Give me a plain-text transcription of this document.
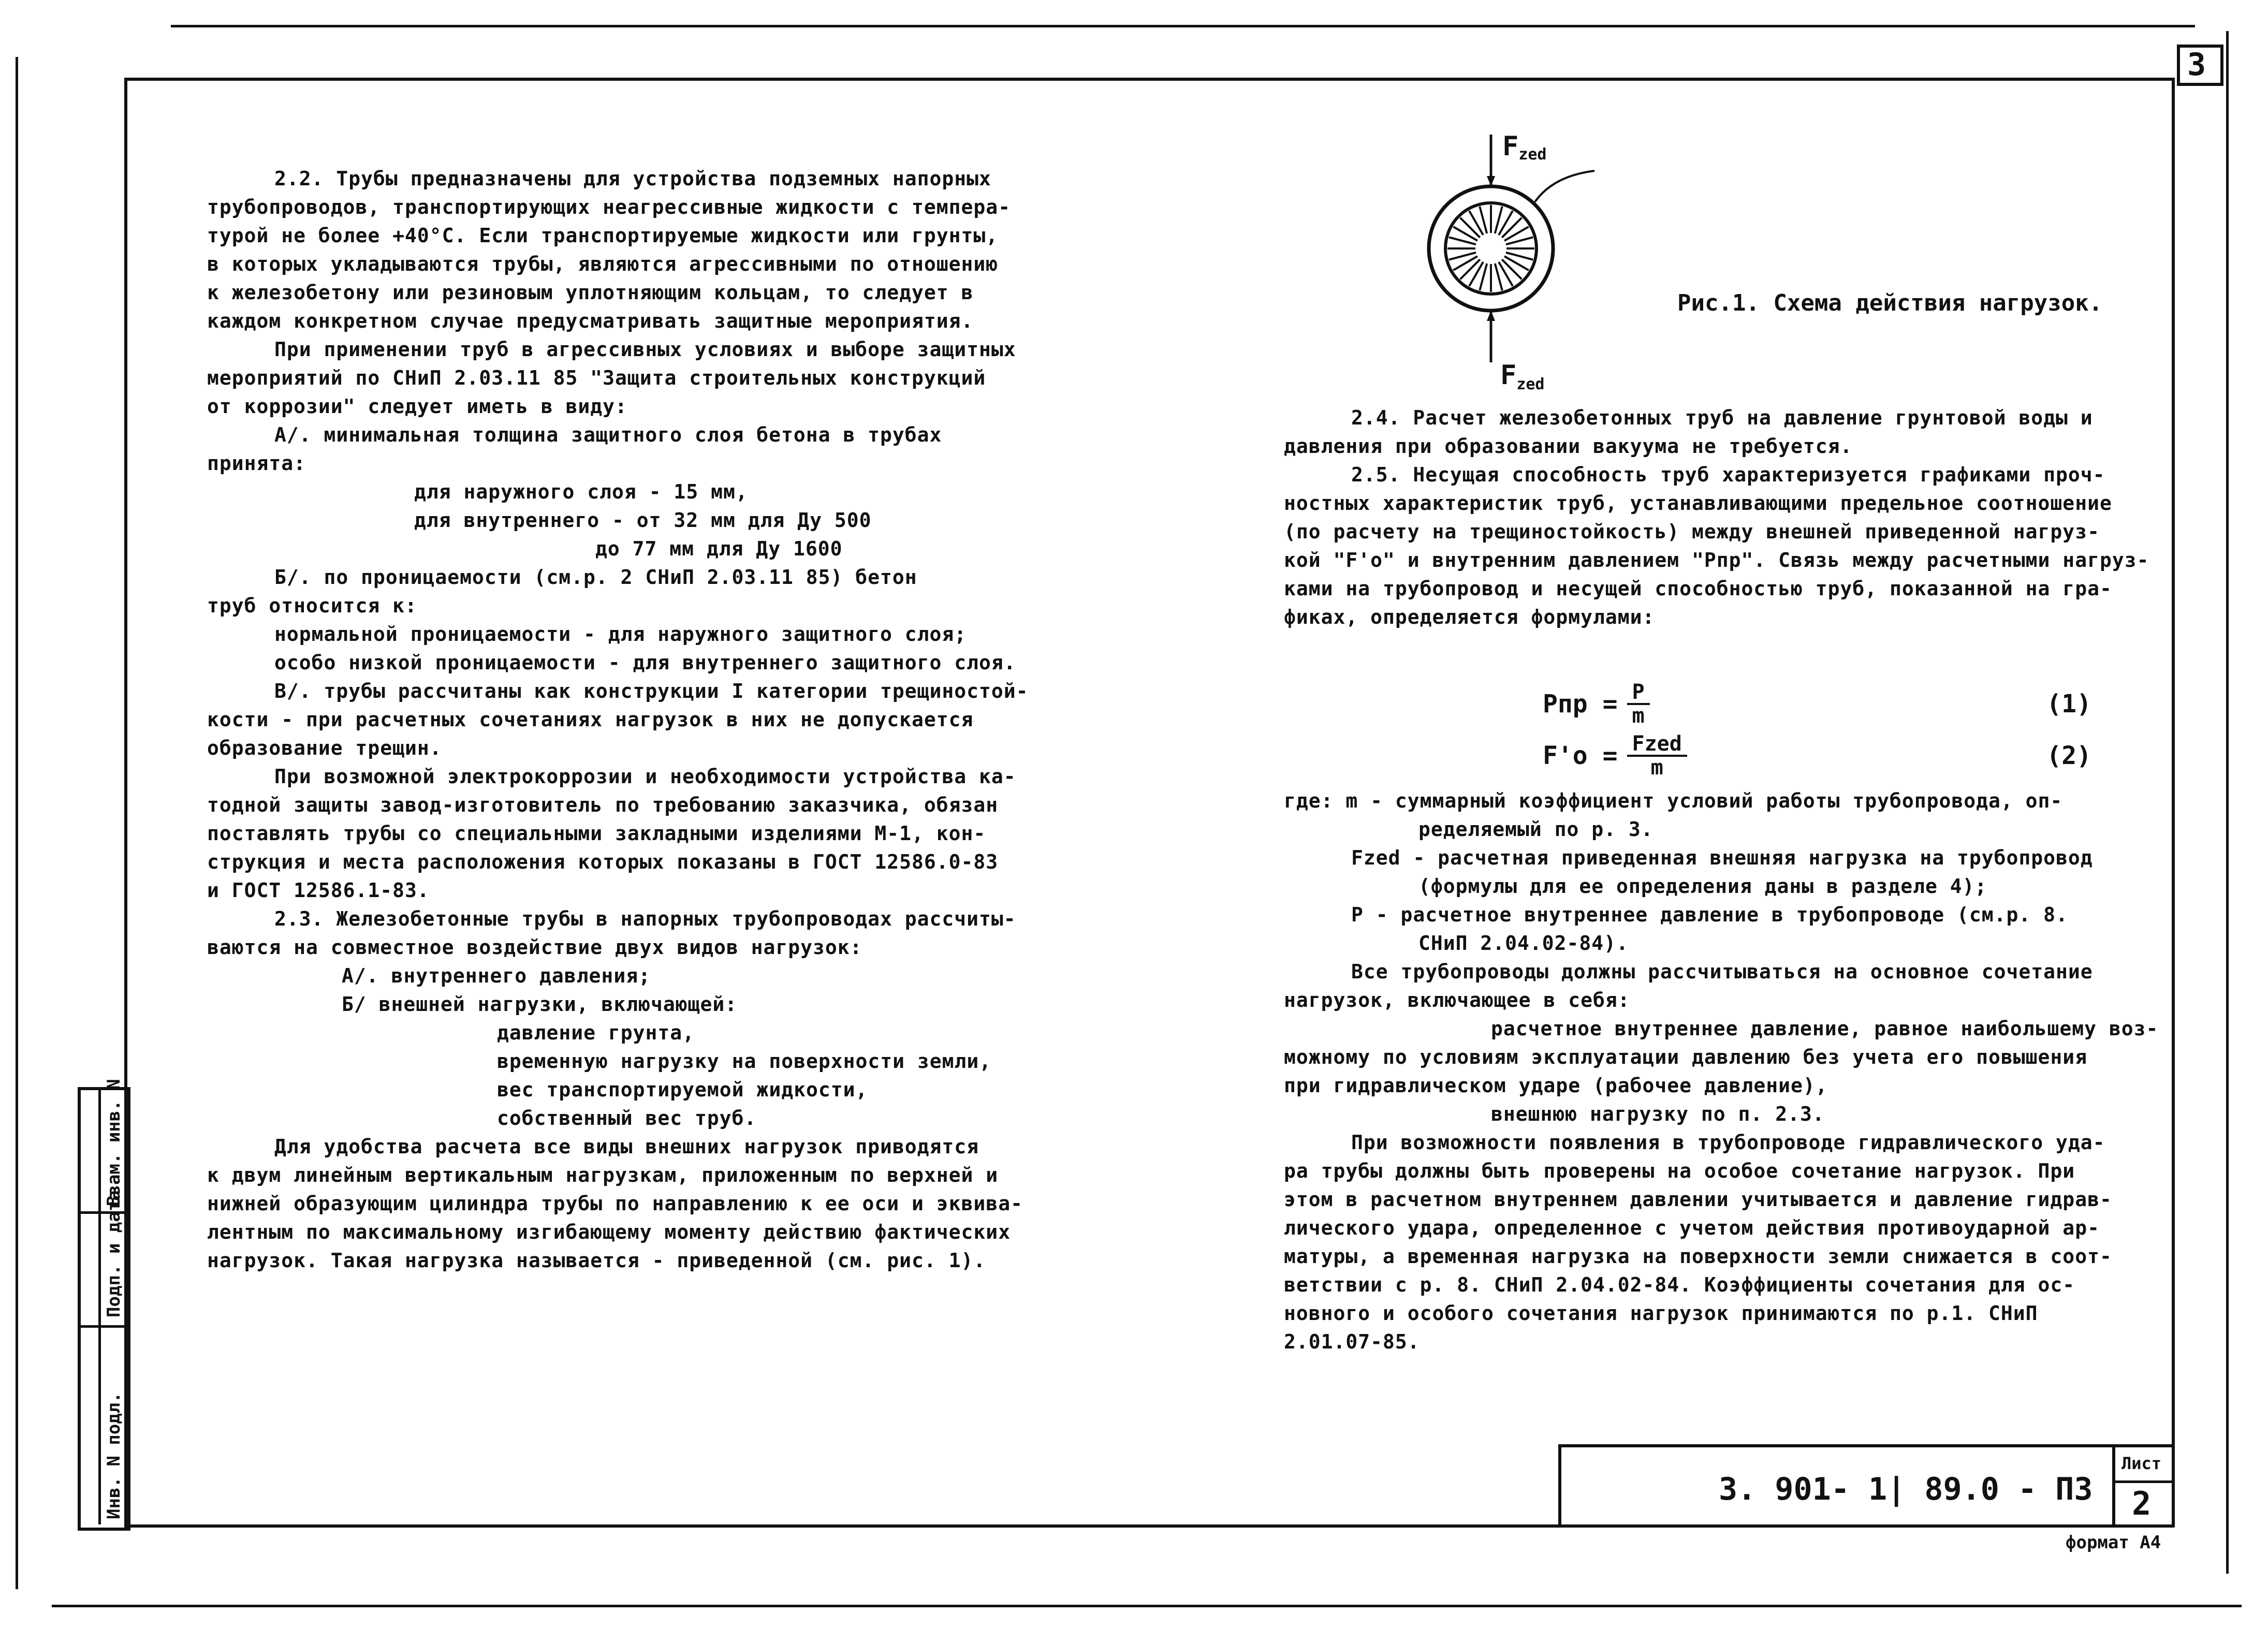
3
Инв. N подл.
Подп. и дата
Взам. инв. N

2.2. Трубы предназначены для устройства подземных напорных

трубопроводов, транспортирующих неагрессивные жидкости с темпера-

турой не более +40°С. Если транспортируемые жидкости или грунты,

в которых укладываются трубы, являются агрессивными по отношению

к железобетону или резиновым уплотняющим кольцам, то следует в

каждом конкретном случае предусматривать защитные мероприятия.

При применении труб в агрессивных условиях и выборе защитных

мероприятий по СНиП 2.03.11 85 "Защита строительных конструкций

от коррозии" следует иметь в виду:

А/. минимальная толщина защитного слоя бетона в трубах

принята:

для наружного слоя - 15 мм,

для внутреннего - от 32 мм для Ду 500

до 77 мм для Ду 1600

Б/. по проницаемости (см.р. 2 СНиП 2.03.11 85) бетон

труб относится к:

нормальной проницаемости - для наружного защитного слоя;

особо низкой проницаемости - для внутреннего защитного слоя.

В/. трубы рассчитаны как конструкции I категории трещиностой-

кости - при расчетных сочетаниях нагрузок в них не допускается

образование трещин.

При возможной электрокоррозии и необходимости устройства ка-

тодной защиты завод-изготовитель по требованию заказчика, обязан

поставлять трубы со специальными закладными изделиями М-1, кон-

струкция и места расположения которых показаны в ГОСТ 12586.0-83

и ГОСТ 12586.1-83.

2.3. Железобетонные трубы в напорных трубопроводах рассчиты-

ваются на совместное воздействие двух видов нагрузок:

А/. внутреннего давления;

Б/ внешней нагрузки, включающей:

давление грунта,

временную нагрузку на поверхности земли,

вес транспортируемой жидкости,

собственный вес труб.

Для удобства расчета все виды внешних нагрузок приводятся

к двум линейным вертикальным нагрузкам, приложенным по верхней и

нижней образующим цилиндра трубы по направлению к ее оси и эквива-

лентным по максимальному изгибающему моменту действию фактических

нагрузок. Такая нагрузка называется - приведенной (см. рис. 1).

Fzed
Fzed
Рис.1. Схема действия нагрузок.

2.4. Расчет железобетонных труб на давление грунтовой воды и

давления при образовании вакуума не требуется.

2.5. Несущая способность труб характеризуется графиками проч-

ностных характеристик труб, устанавливающими предельное соотношение

(по расчету на трещиностойкость) между внешней приведенной нагруз-

кой "F'о" и внутренним давлением "Рпр". Связь между расчетными нагруз-

ками на трубопровод и несущей способностью труб, показанной на гра-

фиках, определяется формулами:

Рпр = Р
m	(1)
F'о = Fzed
m	(2)

где: m - суммарный коэффициент условий работы трубопровода, оп-

ределяемый по р. 3.

Fzed - расчетная приведенная внешняя нагрузка на трубопровод

(формулы для ее определения даны в разделе 4);

Р - расчетное внутреннее давление в трубопроводе (см.р. 8.

СНиП 2.04.02-84).

Все трубопроводы должны рассчитываться на основное сочетание

нагрузок, включающее в себя:

расчетное внутреннее давление, равное наибольшему воз-

можному по условиям эксплуатации давлению без учета его повышения

при гидравлическом ударе (рабочее давление),

внешнюю нагрузку по п. 2.3.

При возможности появления в трубопроводе гидравлического уда-

ра трубы должны быть проверены на особое сочетание нагрузок. При

этом в расчетном внутреннем давлении учитывается и давление гидрав-

лического удара, определенное с учетом действия противоударной ар-

матуры, а временная нагрузка на поверхности земли снижается в соот-

ветствии с р. 8. СНиП 2.04.02-84. Коэффициенты сочетания для ос-

новного и особого сочетания нагрузок принимаются по р.1. СНиП

2.01.07-85.

3. 901- 1| 89.0 - ПЗ
Лист
2
формат А4
